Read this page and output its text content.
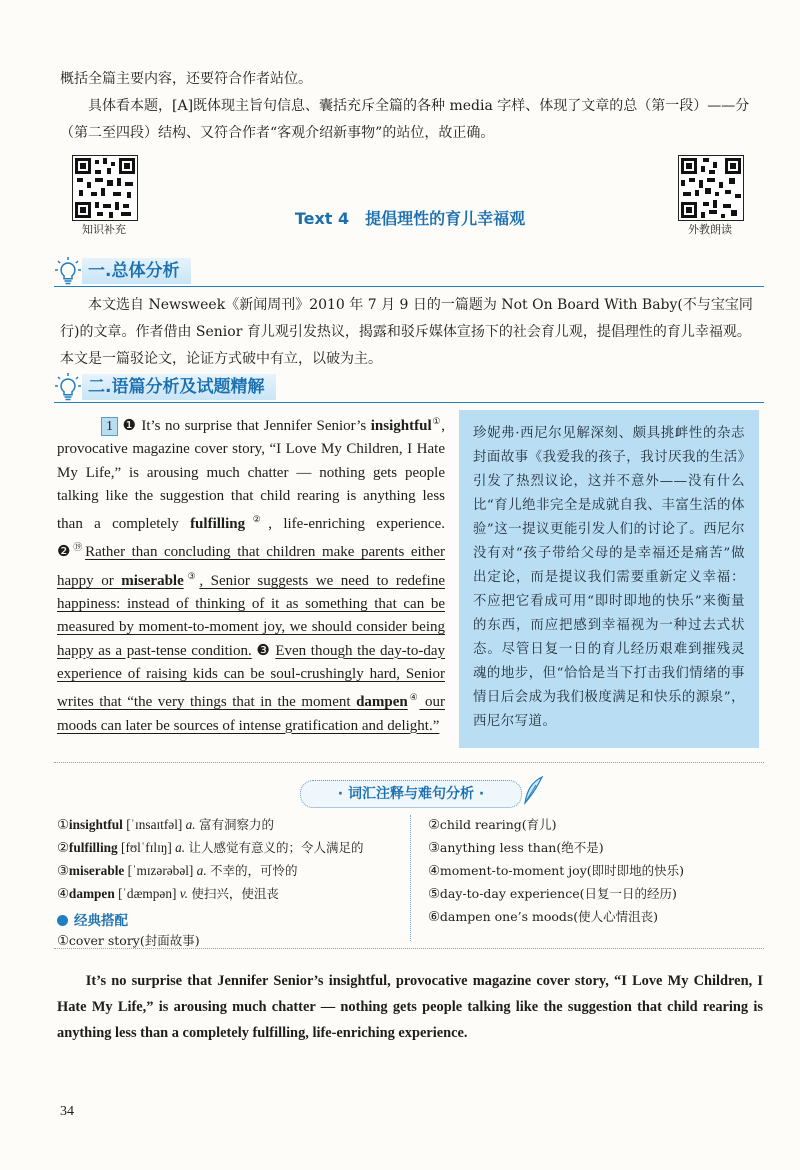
概括全篇主要内容，还要符合作者站位。
具体看本题，[A]既体现主旨句信息、囊括充斥全篇的各种 media 字样、体现了文章的总（第一段）——分（第二至四段）结构、又符合作者“客观介绍新事物”的站位，故正确。
知识补充	外教朗读
Text 4　提倡理性的育儿幸福观
一.总体分析
本文选自 Newsweek《新闻周刊》2010 年 7 月 9 日的一篇题为 Not On Board With Baby(不与宝宝同行)的文章。作者借由 Senior 育儿观引发热议，揭露和驳斥媒体宣扬下的社会育儿观，提倡理性的育儿幸福观。本文是一篇驳论文，论证方式破中有立，以破为主。
二.语篇分析及试题精解
1 ❶ It’s no surprise that Jennifer Senior’s insightful①, provocative magazine cover story, “I Love My Children, I Hate My Life,” is arousing much chatter — nothing gets people talking like the suggestion that child rearing is anything less than a completely fulfilling②, life-enriching experience. ❷⑲Rather than concluding that children make parents either happy or miserable③, Senior suggests we need to redefine happiness: instead of thinking of it as something that can be measured by moment-to-moment joy, we should consider being happy as a past-tense condition. ❸ Even though the day-to-day experience of raising kids can be soul-crushingly hard, Senior writes that “the very things that in the moment dampen④ our moods can later be sources of intense gratification and delight.”
珍妮弗·西尼尔见解深刻、颇具挑衅性的杂志封面故事《我爱我的孩子，我讨厌我的生活》引发了热烈议论，这并不意外——没有什么比“育儿绝非完全是成就自我、丰富生活的体验”这一提议更能引发人们的讨论了。西尼尔没有对“孩子带给父母的是幸福还是痛苦”做出定论，而是提议我们需要重新定义幸福：不应把它看成可用“即时即地的快乐”来衡量的东西，而应把感到幸福视为一种过去式状态。尽管日复一日的育儿经历艰难到摧残灵魂的地步，但“恰恰是当下打击我们情绪的事情日后会成为我们极度满足和快乐的源泉”，西尼尔写道。
· 词汇注释与难句分析 ·
①insightful [ˈɪnsaɪtfəl] a. 富有洞察力的
②fulfilling [fʊlˈfɪlɪŋ] a. 让人感觉有意义的；令人满足的
③miserable [ˈmɪzərəbəl] a. 不幸的，可怜的
④dampen [ˈdæmpən] v. 使扫兴，使沮丧
经典搭配
①cover story(封面故事)
②child rearing(育儿)
③anything less than(绝不是)
④moment-to-moment joy(即时即地的快乐)
⑤day-to-day experience(日复一日的经历)
⑥dampen one’s moods(使人心情沮丧)
It’s no surprise that Jennifer Senior’s insightful, provocative magazine cover story, “I Love My Children, I Hate My Life,” is arousing much chatter — nothing gets people talking like the suggestion that child rearing is anything less than a completely fulfilling, life-enriching experience.
34
